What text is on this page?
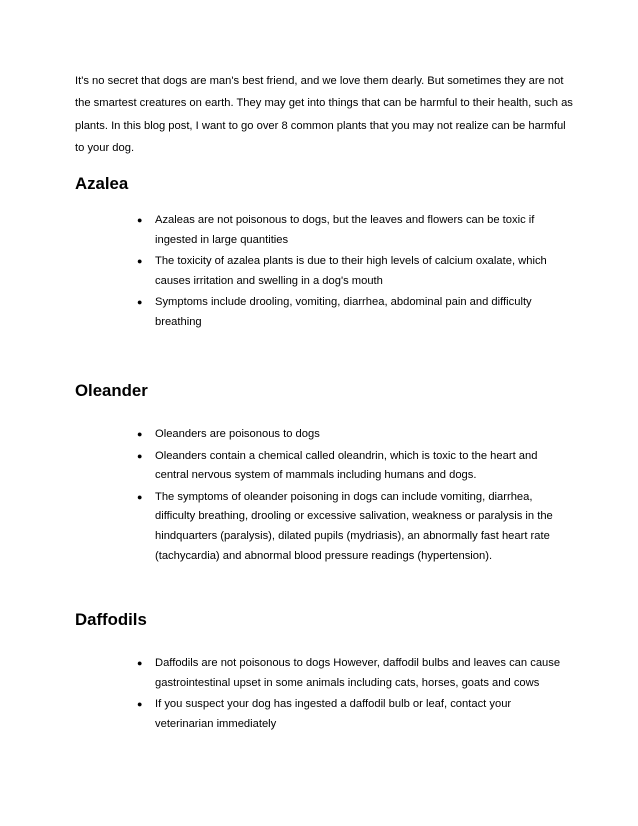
It's no secret that dogs are man's best friend, and we love them dearly. But sometimes they are not the smartest creatures on earth. They may get into things that can be harmful to their health, such as plants. In this blog post, I want to go over 8 common plants that you may not realize can be harmful to your dog.

Azalea
● Azaleas are not poisonous to dogs, but the leaves and flowers can be toxic if ingested in large quantities
● The toxicity of azalea plants is due to their high levels of calcium oxalate, which causes irritation and swelling in a dog's mouth
● Symptoms include drooling, vomiting, diarrhea, abdominal pain and difficulty breathing
Oleander
● Oleanders are poisonous to dogs
● Oleanders contain a chemical called oleandrin, which is toxic to the heart and central nervous system of mammals including humans and dogs.
● The symptoms of oleander poisoning in dogs can include vomiting, diarrhea, difficulty breathing, drooling or excessive salivation, weakness or paralysis in the hindquarters (paralysis), dilated pupils (mydriasis), an abnormally fast heart rate (tachycardia) and abnormal blood pressure readings (hypertension).
Daffodils
● Daffodils are not poisonous to dogs However, daffodil bulbs and leaves can cause gastrointestinal upset in some animals including cats, horses, goats and cows
● If you suspect your dog has ingested a daffodil bulb or leaf, contact your veterinarian immediately
